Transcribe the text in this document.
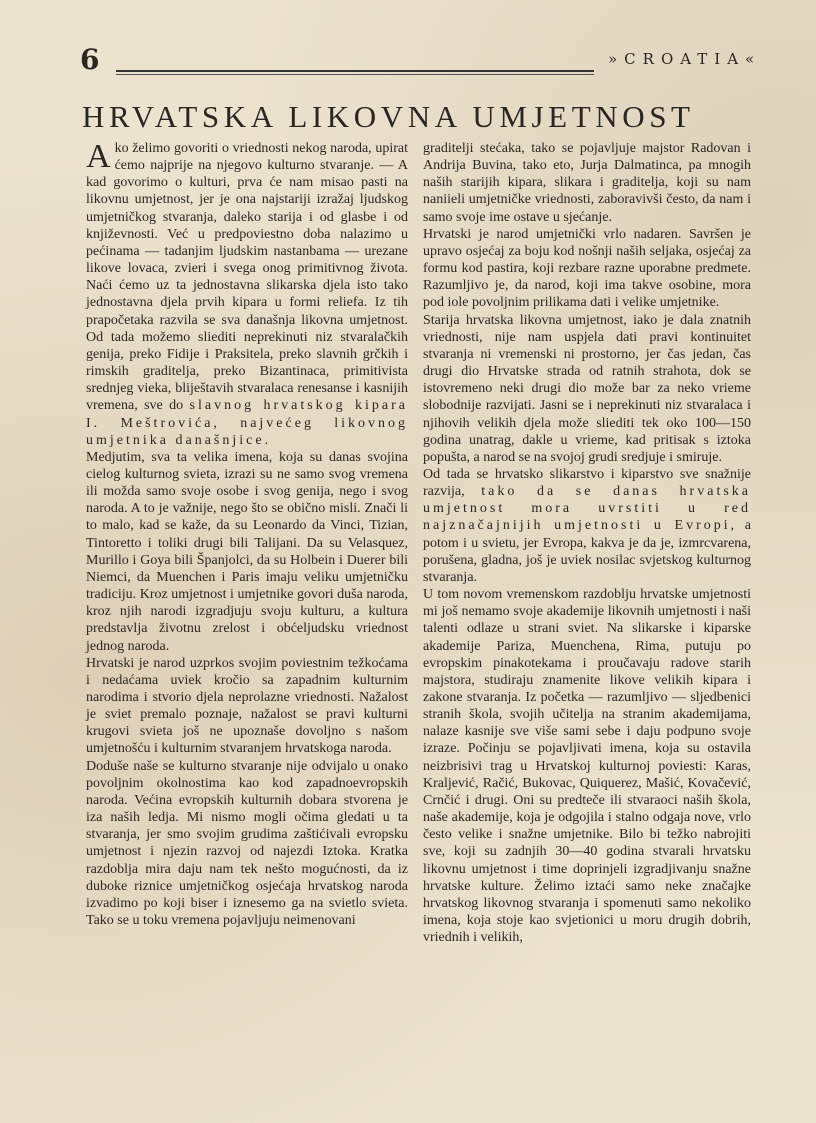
6	»CROATIA«
HRVATSKA LIKOVNA UMJETNOST

A ko želimo govoriti o vriednosti nekog naroda, upirat ćemo najprije na njegovo kulturno stvaranje. — A kad govorimo o kulturi, prva će nam misao pasti na likovnu umjetnost, jer je ona najstariji izražaj ljudskog umjetničkog stvaranja, daleko starija i od glasbe i od književnosti. Već u predpoviestno doba nalazimo u pećinama — tadanjim ljudskim nastanbama — urezane likove lovaca, zvieri i svega onog primitivnog života. Naći ćemo uz ta jednostavna slikarska djela isto tako jednostavna djela prvih kipara u formi reliefa. Iz tih prapočetaka razvila se sva današnja likovna umjetnost. Od tada možemo sliediti neprekinuti niz stvaralačkih genija, preko Fidije i Praksitela, preko slavnih grčkih i rimskih graditelja, preko Bizantinaca, primitivista srednjeg vieka, bliještavih stvaralaca renesanse i kasnijih vremena, sve do slavnog hrvatskog kipara I. Meštrovića, najvećeg likovnog umjetnika današnjice.

Medjutim, sva ta velika imena, koja su danas svojina cielog kulturnog svieta, izrazi su ne samo svog vremena ili možda samo svoje osobe i svog genija, nego i svog naroda. A to je važnije, nego što se obično misli. Znači li to malo, kad se kaže, da su Leonardo da Vinci, Tizian, Tintoretto i toliki drugi bili Talijani. Da su Velasquez, Murillo i Goya bili Španjolci, da su Holbein i Duerer bili Niemci, da Muenchen i Paris imaju veliku umjetničku tradiciju. Kroz umjetnost i umjetnike govori duša naroda, kroz njih narodi izgradjuju svoju kulturu, a kultura predstavlja životnu zrelost i obćeljudsku vriednost jednog naroda.

Hrvatski je narod uzprkos svojim poviestnim težkoćama i nedaćama uviek kročio sa zapadnim kulturnim narodima i stvorio djela neprolazne vriednosti. Nažalost je sviet premalo poznaje, nažalost se pravi kulturni krugovi svieta još ne upoznaše dovoljno s našom umjetnošću i kulturnim stvaranjem hrvatskoga naroda.

Doduše naše se kulturno stvaranje nije odvijalo u onako povoljnim okolnostima kao kod zapadnoevropskih naroda. Većina evropskih kulturnih dobara stvorena je iza naših ledja. Mi nismo mogli očima gledati u ta stvaranja, jer smo svojim grudima zaštićivali evropsku umjetnost i njezin razvoj od najezdi Iztoka. Kratka razdoblja mira daju nam tek nešto mogućnosti, da iz duboke riznice umjetničkog osjećaja hrvatskog naroda izvadimo po koji biser i iznesemo ga na svietlo svieta. Tako se u toku vremena pojavljuju neimenovani

graditelji stećaka, tako se pojavljuje majstor Radovan i Andrija Buvina, tako eto, Jurja Dalmatinca, pa mnogih naših starijih kipara, slikara i graditelja, koji su nam naniieli umjetničke vriednosti, zaboravivši često, da nam i samo svoje ime ostave u sjećanje.

Hrvatski je narod umjetnički vrlo nadaren. Savršen je upravo osjećaj za boju kod nošnji naših seljaka, osjećaj za formu kod pastira, koji rezbare razne uporabne predmete. Razumljivo je, da narod, koji ima takve osobine, mora pod iole povoljnim prilikama dati i velike umjetnike.

Starija hrvatska likovna umjetnost, iako je dala znatnih vriednosti, nije nam uspjela dati pravi kontinuitet stvaranja ni vremenski ni prostorno, jer čas jedan, čas drugi dio Hrvatske strada od ratnih strahota, dok se istovremeno neki drugi dio može bar za neko vrieme slobodnije razvijati. Jasni se i neprekinuti niz stvaralaca i njihovih velikih djela može sliediti tek oko 100—150 godina unatrag, dakle u vrieme, kad pritisak s iztoka popušta, a narod se na svojoj grudi sredjuje i smiruje.

Od tada se hrvatsko slikarstvo i kiparstvo sve snažnije razvija, tako da se danas hrvatska umjetnost mora uvrstiti u red najznačajnijih umjetnosti u Evropi, a potom i u svietu, jer Evropa, kakva je da je, izmrcvarena, porušena, gladna, još je uviek nosilac svjetskog kulturnog stvaranja.

U tom novom vremenskom razdoblju hrvatske umjetnosti mi još nemamo svoje akademije likovnih umjetnosti i naši talenti odlaze u strani sviet. Na slikarske i kiparske akademije Pariza, Muenchena, Rima, putuju po evropskim pinakotekama i proučavaju radove starih majstora, studiraju znamenite likove velikih kipara i zakone stvaranja. Iz početka — razumljivo — sljedbenici stranih škola, svojih učitelja na stranim akademijama, nalaze kasnije sve više sami sebe i daju podpuno svoje izraze. Počinju se pojavljivati imena, koja su ostavila neizbrisivi trag u Hrvatskoj kulturnoj poviesti: Karas, Kraljević, Račić, Bukovac, Quiquerez, Mašić, Kovačević, Crnčić i drugi. Oni su predteče ili stvaraoci naših škola, naše akademije, koja je odgojila i stalno odgaja nove, vrlo često velike i snažne umjetnike. Bilo bi težko nabrojiti sve, koji su zadnjih 30—40 godina stvarali hrvatsku likovnu umjetnost i time doprinjeli izgradjivanju snažne hrvatske kulture. Želimo iztaći samo neke značajke hrvatskog likovnog stvaranja i spomenuti samo nekoliko imena, koja stoje kao svjetionici u moru drugih dobrih, vriednih i velikih,
